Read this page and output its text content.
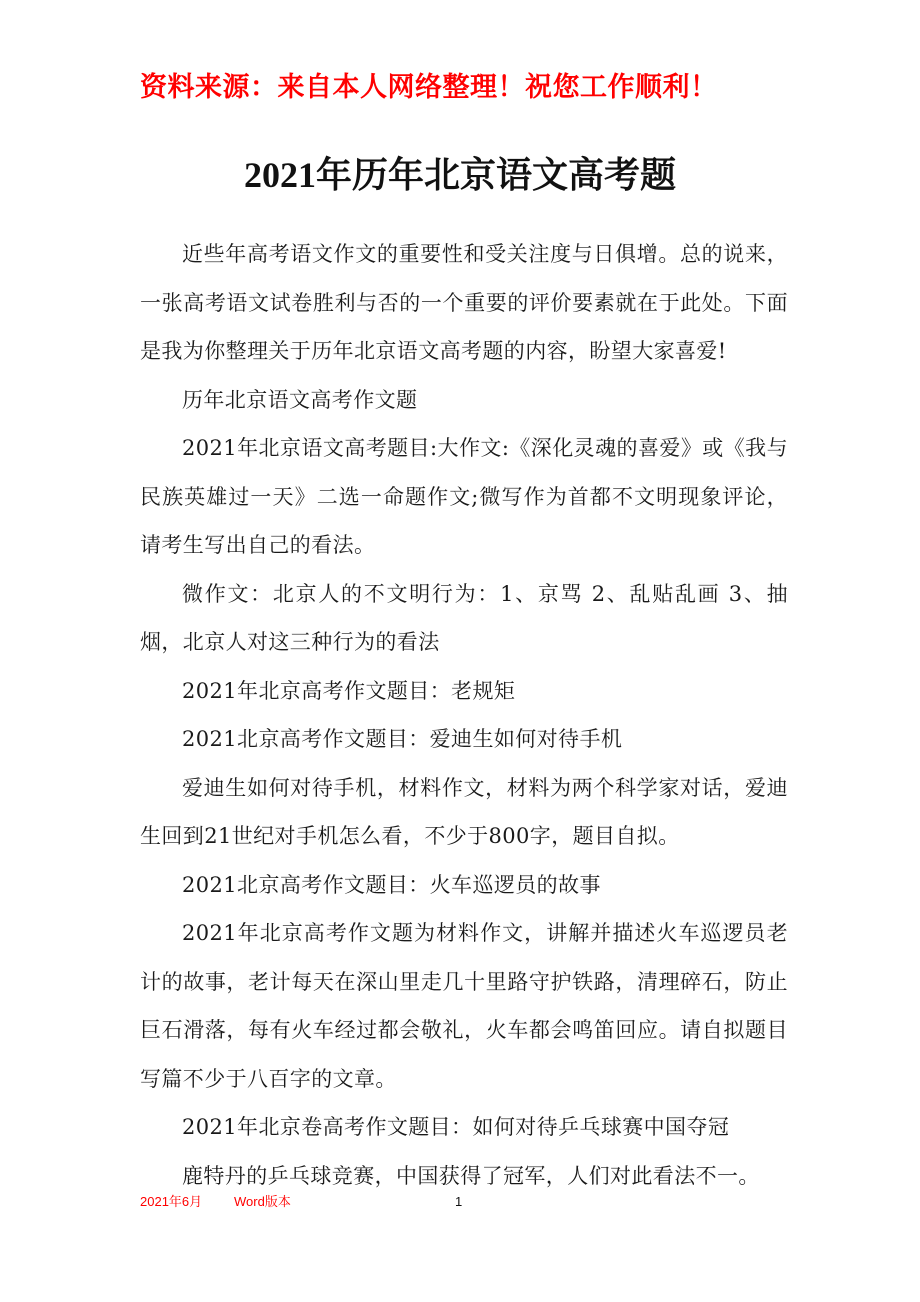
资料来源：来自本人网络整理！祝您工作顺利！
2021年历年北京语文高考题

近些年高考语文作文的重要性和受关注度与日俱增。总的说来，一张高考语文试卷胜利与否的一个重要的评价要素就在于此处。下面是我为你整理关于历年北京语文高考题的内容，盼望大家喜爱!

历年北京语文高考作文题

2021年北京语文高考题目:大作文:《深化灵魂的喜爱》或《我与民族英雄过一天》二选一命题作文;微写作为首都不文明现象评论，请考生写出自己的看法。

微作文：北京人的不文明行为：1、京骂 2、乱贴乱画 3、抽烟，北京人对这三种行为的看法

2021年北京高考作文题目：老规矩

2021北京高考作文题目：爱迪生如何对待手机

爱迪生如何对待手机，材料作文，材料为两个科学家对话，爱迪生回到21世纪对手机怎么看，不少于800字，题目自拟。

2021北京高考作文题目：火车巡逻员的故事

2021年北京高考作文题为材料作文，讲解并描述火车巡逻员老计的故事，老计每天在深山里走几十里路守护铁路，清理碎石，防止巨石滑落，每有火车经过都会敬礼，火车都会鸣笛回应。请自拟题目写篇不少于八百字的文章。

2021年北京卷高考作文题目：如何对待乒乓球赛中国夺冠

鹿特丹的乒乓球竞赛，中国获得了冠军，人们对此看法不一。

2021年6月 Word版本	1
